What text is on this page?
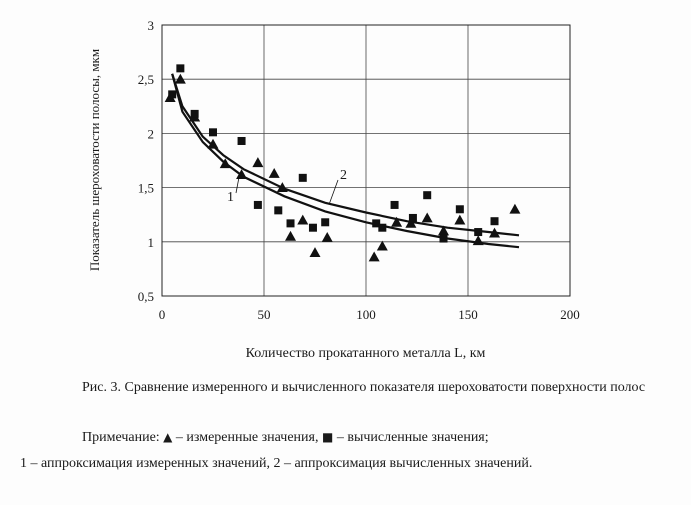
0	50	100	150	200
0,5
1
1,5
2
2,5
3
1
2
Показатель шероховатости полосы, мкм
Количество прокатанного металла L, км
Рис. 3. Сравнение измеренного и вычисленного показателя шероховатости поверхности полос
Примечание: ▲ – измеренные значения, ■ – вычисленные значения;
1 – аппроксимация измеренных значений, 2 – аппроксимация вычисленных значений.
